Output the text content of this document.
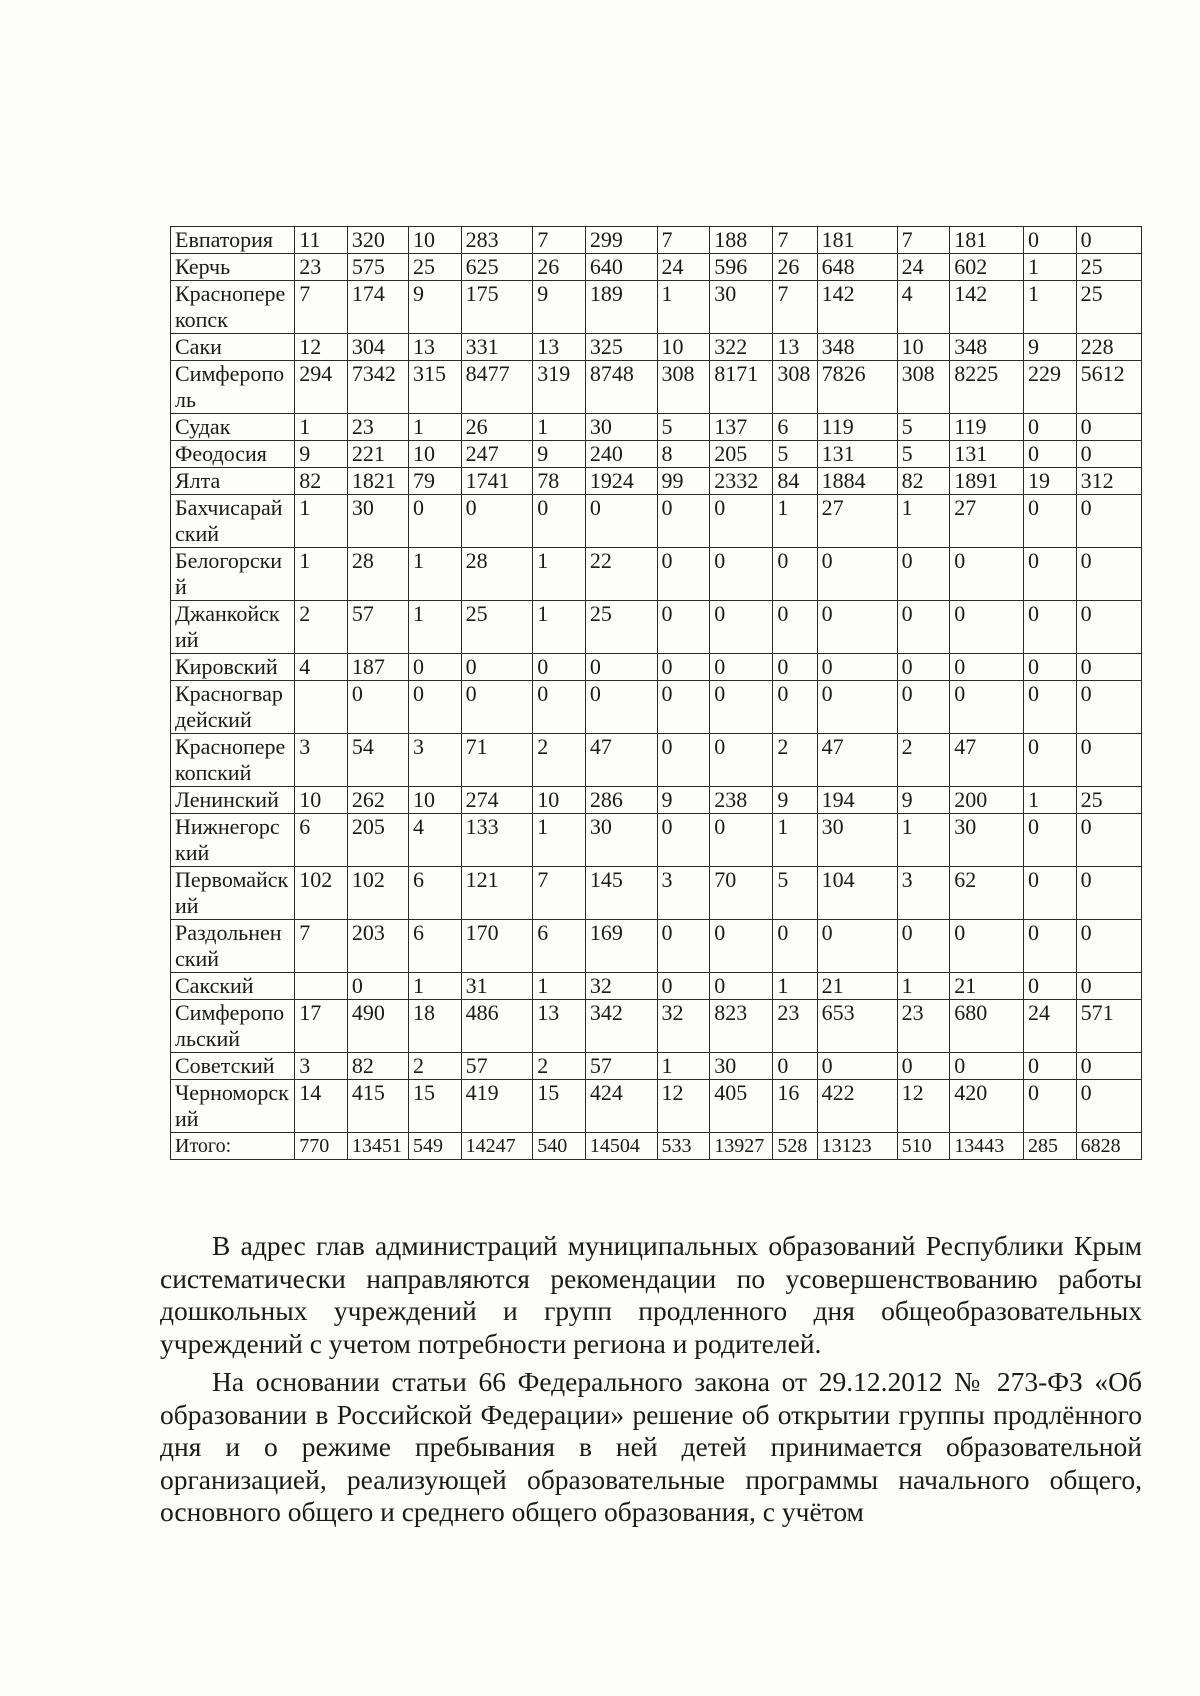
Евпатория	11	320	10	283	7	299	7	188	7	181	7	181	0	0
Керчь	23	575	25	625	26	640	24	596	26	648	24	602	1	25
Красноперекопск	7	174	9	175	9	189	1	30	7	142	4	142	1	25
Саки	12	304	13	331	13	325	10	322	13	348	10	348	9	228
Симферополь	294	7342	315	8477	319	8748	308	8171	308	7826	308	8225	229	5612
Судак	1	23	1	26	1	30	5	137	6	119	5	119	0	0
Феодосия	9	221	10	247	9	240	8	205	5	131	5	131	0	0
Ялта	82	1821	79	1741	78	1924	99	2332	84	1884	82	1891	19	312
Бахчисарайский	1	30	0	0	0	0	0	0	1	27	1	27	0	0
Белогорский	1	28	1	28	1	22	0	0	0	0	0	0	0	0
Джанкойский	2	57	1	25	1	25	0	0	0	0	0	0	0	0
Кировский	4	187	0	0	0	0	0	0	0	0	0	0	0	0
Красногвардейский		0	0	0	0	0	0	0	0	0	0	0	0	0
Красноперекопский	3	54	3	71	2	47	0	0	2	47	2	47	0	0
Ленинский	10	262	10	274	10	286	9	238	9	194	9	200	1	25
Нижнегорский	6	205	4	133	1	30	0	0	1	30	1	30	0	0
Первомайский	102	102	6	121	7	145	3	70	5	104	3	62	0	0
Раздольненский	7	203	6	170	6	169	0	0	0	0	0	0	0	0
Сакский		0	1	31	1	32	0	0	1	21	1	21	0	0
Симферопольский	17	490	18	486	13	342	32	823	23	653	23	680	24	571
Советский	3	82	2	57	2	57	1	30	0	0	0	0	0	0
Черноморский	14	415	15	419	15	424	12	405	16	422	12	420	0	0
Итого:	770	13451	549	14247	540	14504	533	13927	528	13123	510	13443	285	6828

В адрес глав администраций муниципальных образований Республики Крым систематически направляются рекомендации по усовершенствованию работы дошкольных учреждений и групп продленного дня общеобразовательных учреждений с учетом потребности региона и родителей.

На основании статьи 66 Федерального закона от 29.12.2012 № 273-ФЗ «Об образовании в Российской Федерации» решение об открытии группы продлённого дня и о режиме пребывания в ней детей принимается образовательной организацией, реализующей образовательные программы начального общего, основного общего и среднего общего образования, с учётом
